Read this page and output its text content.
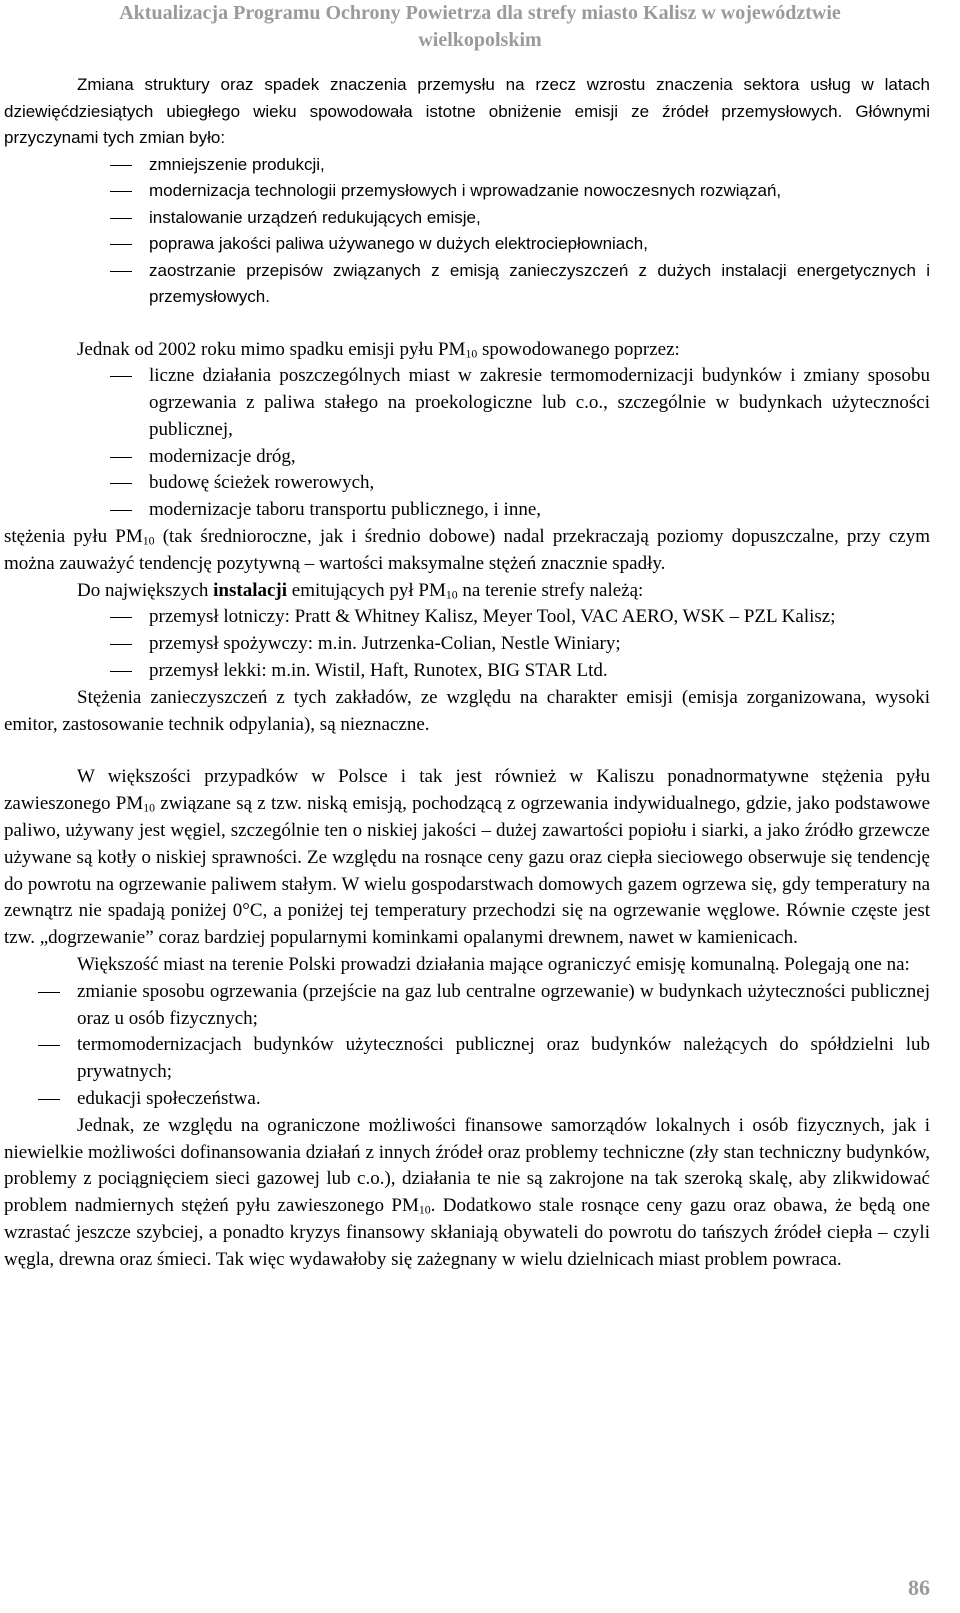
Aktualizacja Programu Ochrony Powietrza dla strefy miasto Kalisz w województwie
wielkopolskim

Zmiana struktury oraz spadek znaczenia przemysłu na rzecz wzrostu znaczenia sektora usług w latach dziewięćdziesiątych ubiegłego wieku spowodowała istotne obniżenie emisji ze źródeł przemysłowych. Głównymi przyczynami tych zmian było:

zmniejszenie produkcji,
modernizacja technologii przemysłowych i wprowadzanie nowoczesnych rozwiązań,
instalowanie urządzeń redukujących emisje,
poprawa jakości paliwa używanego w dużych elektrociepłowniach,
zaostrzanie przepisów związanych z emisją zanieczyszczeń z dużych instalacji energetycznych i przemysłowych.

Jednak od 2002 roku mimo spadku emisji pyłu $PM_{10}$ spowodowanego poprzez:

liczne działania poszczególnych miast w zakresie termomodernizacji budynków i zmiany sposobu ogrzewania z paliwa stałego na proekologiczne lub c.o., szczególnie w budynkach użyteczności publicznej,
modernizacje dróg,
budowę ścieżek rowerowych,
modernizacje taboru transportu publicznego, i inne,

stężenia pyłu $PM_{10}$ (tak średnioroczne, jak i średnio dobowe) nadal przekraczają poziomy dopuszczalne, przy czym można zauważyć tendencję pozytywną – wartości maksymalne stężeń znacznie spadły.

Do największych instalacji emitujących pył $PM_{10}$ na terenie strefy należą:

przemysł lotniczy: Pratt & Whitney Kalisz, Meyer Tool, VAC AERO, WSK – PZL Kalisz;
przemysł spożywczy: m.in. Jutrzenka-Colian, Nestle Winiary;
przemysł lekki: m.in. Wistil, Haft, Runotex, BIG STAR Ltd.

Stężenia zanieczyszczeń z tych zakładów, ze względu na charakter emisji (emisja zorganizowana, wysoki emitor, zastosowanie technik odpylania), są nieznaczne.

W większości przypadków w Polsce i tak jest również w Kaliszu ponadnormatywne stężenia pyłu zawieszonego $PM_{10}$ związane są z tzw. niską emisją, pochodzącą z ogrzewania indywidualnego, gdzie, jako podstawowe paliwo, używany jest węgiel, szczególnie ten o niskiej jakości – dużej zawartości popiołu i siarki, a jako źródło grzewcze używane są kotły o niskiej sprawności. Ze względu na rosnące ceny gazu oraz ciepła sieciowego obserwuje się tendencję do powrotu na ogrzewanie paliwem stałym. W wielu gospodarstwach domowych gazem ogrzewa się, gdy temperatury na zewnątrz nie spadają poniżej 0°C, a poniżej tej temperatury przechodzi się na ogrzewanie węglowe. Równie częste jest tzw. „dogrzewanie” coraz bardziej popularnymi kominkami opalanymi drewnem, nawet w kamienicach.

Większość miast na terenie Polski prowadzi działania mające ograniczyć emisję komunalną. Polegają one na:

zmianie sposobu ogrzewania (przejście na gaz lub centralne ogrzewanie) w budynkach użyteczności publicznej oraz u osób fizycznych;
termomodernizacjach budynków użyteczności publicznej oraz budynków należących do spółdzielni lub prywatnych;
edukacji społeczeństwa.

Jednak, ze względu na ograniczone możliwości finansowe samorządów lokalnych i osób fizycznych, jak i niewielkie możliwości dofinansowania działań z innych źródeł oraz problemy techniczne (zły stan techniczny budynków, problemy z pociągnięciem sieci gazowej lub c.o.), działania te nie są zakrojone na tak szeroką skalę, aby zlikwidować problem nadmiernych stężeń pyłu zawieszonego $PM_{10}$. Dodatkowo stale rosnące ceny gazu oraz obawa, że będą one wzrastać jeszcze szybciej, a ponadto kryzys finansowy skłaniają obywateli do powrotu do tańszych źródeł ciepła – czyli węgla, drewna oraz śmieci. Tak więc wydawałoby się zażegnany w wielu dzielnicach miast problem powraca.

86
